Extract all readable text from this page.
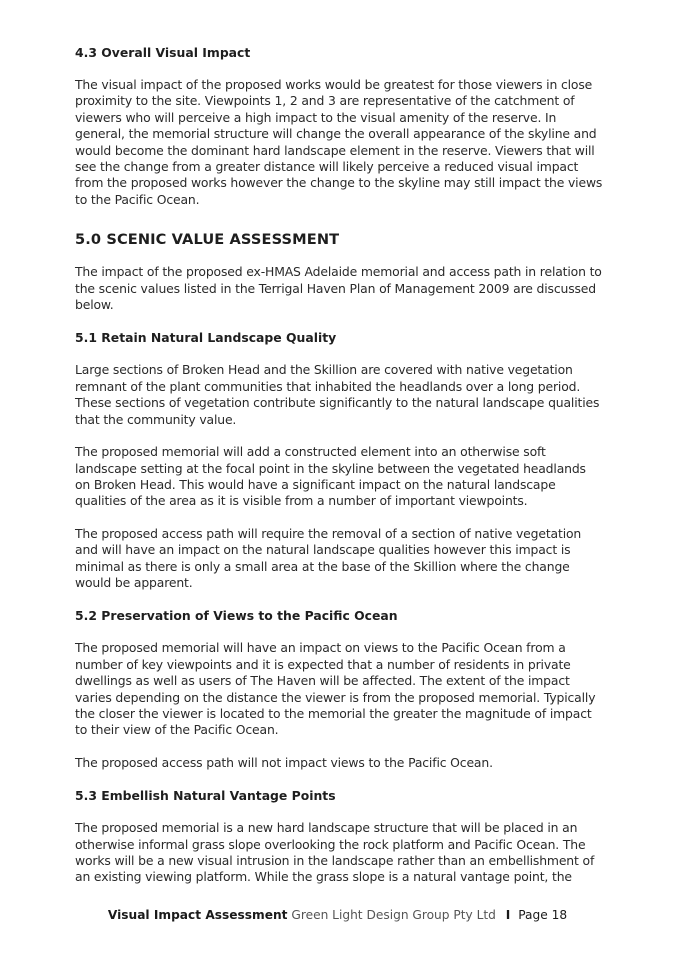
4.3 Overall Visual Impact
The visual impact of the proposed works would be greatest for those viewers in close proximity to the site. Viewpoints 1, 2 and 3 are representative of the catchment of viewers who will perceive a high impact to the visual amenity of the reserve. In general, the memorial structure will change the overall appearance of the skyline and would become the dominant hard landscape element in the reserve. Viewers that will see the change from a greater distance will likely perceive a reduced visual impact from the proposed works however the change to the skyline may still impact the views to the Pacific Ocean.
5.0 SCENIC VALUE ASSESSMENT
The impact of the proposed ex-HMAS Adelaide memorial and access path in relation to the scenic values listed in the Terrigal Haven Plan of Management 2009 are discussed below.
5.1 Retain Natural Landscape Quality
Large sections of Broken Head and the Skillion are covered with native vegetation remnant of the plant communities that inhabited the headlands over a long period. These sections of vegetation contribute significantly to the natural landscape qualities that the community value.
The proposed memorial will add a constructed element into an otherwise soft landscape setting at the focal point in the skyline between the vegetated headlands on Broken Head. This would have a significant impact on the natural landscape qualities of the area as it is visible from a number of important viewpoints.
The proposed access path will require the removal of a section of native vegetation and will have an impact on the natural landscape qualities however this impact is minimal as there is only a small area at the base of the Skillion where the change would be apparent.
5.2 Preservation of Views to the Pacific Ocean
The proposed memorial will have an impact on views to the Pacific Ocean from a number of key viewpoints and it is expected that a number of residents in private dwellings as well as users of The Haven will be affected. The extent of the impact varies depending on the distance the viewer is from the proposed memorial. Typically the closer the viewer is located to the memorial the greater the magnitude of impact to their view of the Pacific Ocean.
The proposed access path will not impact views to the Pacific Ocean.
5.3 Embellish Natural Vantage Points
The proposed memorial is a new hard landscape structure that will be placed in an otherwise informal grass slope overlooking the rock platform and Pacific Ocean. The works will be a new visual intrusion in the landscape rather than an embellishment of an existing viewing platform. While the grass slope is a natural vantage point, the
Visual Impact Assessment Green Light Design Group Pty Ltd I Page 18
